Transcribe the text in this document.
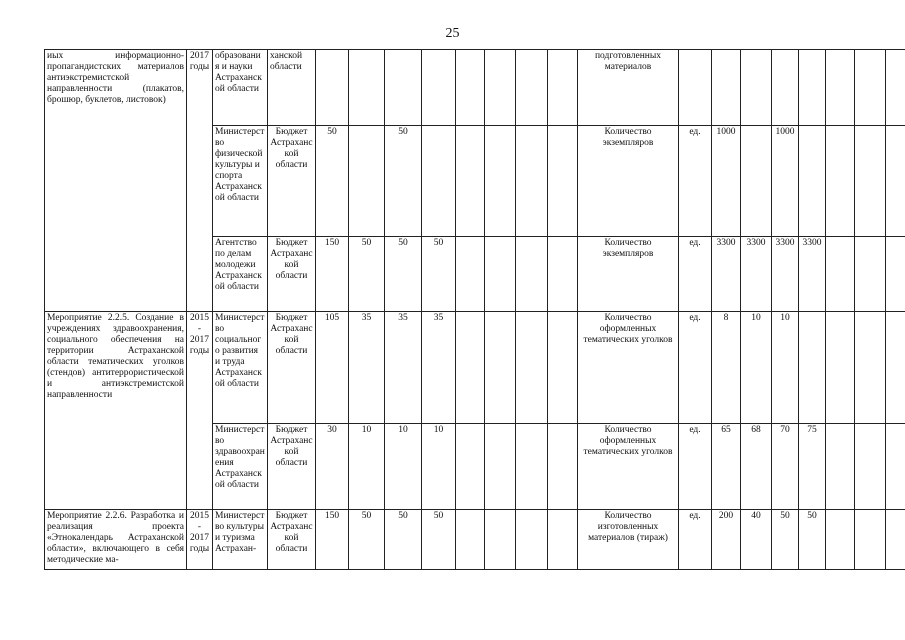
25
иых информационно-пропагандистских материалов антиэкстремистской направленности (плакатов, брошюр, буклетов, листовок)	2017 годы	образования и науки Астраханской области	ханской области									подготовленных материалов								
		Министерство физической культуры и спорта Астраханской области	Бюджет Астраханской области	50		50						Количество экземпляров	ед.	1000		1000				
		Агентство по делам молодежи Астраханской области	Бюджет Астраханской области	150	50	50	50					Количество экземпляров	ед.	3300	3300	3300	3300			
Мероприятие 2.2.5. Создание в учреждениях здравоохранения, социального обеспечения на территории Астраханской области тематических уголков (стендов) антитеррористической и антиэкстремистской направленности	2015 - 2017 годы	Министерство социального развития и труда Астраханской области	Бюджет Астраханской области	105	35	35	35					Количество оформленных тематических уголков	ед.	8	10	10				
		Министерство здравоохранения Астраханской области	Бюджет Астраханской области	30	10	10	10					Количество оформленных тематических уголков	ед.	65	68	70	75			
Мероприятие 2.2.6. Разработка и реализация проекта «Этнокалендарь Астраханской области», включающего в себя методические ма-	2015 - 2017 годы	Министерство культуры и туризма Астрахан-	Бюджет Астраханской области	150	50	50	50					Количество изготовленных материалов (тираж)	ед.	200	40	50	50			
